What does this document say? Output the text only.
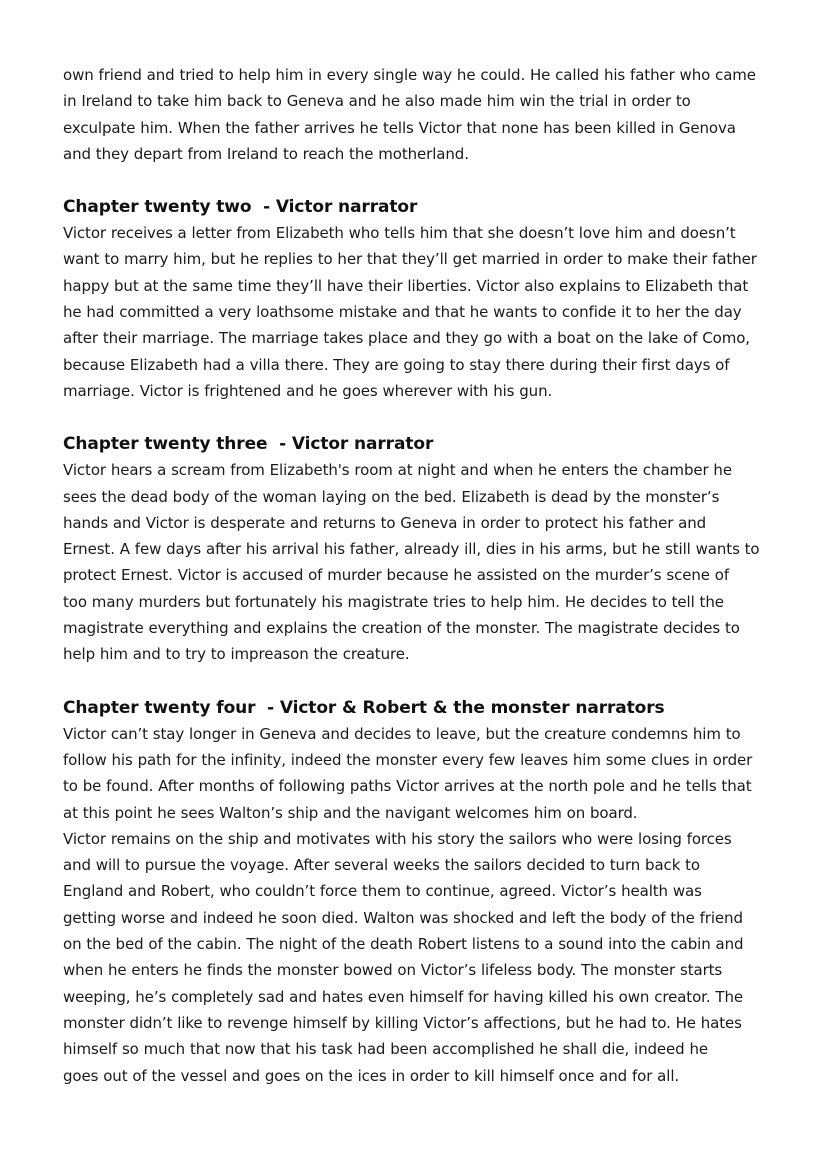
own friend and tried to help him in every single way he could. He called his father who came
in Ireland to take him back to Geneva and he also made him win the trial in order to
exculpate him. When the father arrives he tells Victor that none has been killed in Genova
and they depart from Ireland to reach the motherland.

Chapter twenty two  - Victor narrator

Victor receives a letter from Elizabeth who tells him that she doesn’t love him and doesn’t
want to marry him, but he replies to her that they’ll get married in order to make their father
happy but at the same time they’ll have their liberties. Victor also explains to Elizabeth that
he had committed a very loathsome mistake and that he wants to confide it to her the day
after their marriage. The marriage takes place and they go with a boat on the lake of Como,
because Elizabeth had a villa there. They are going to stay there during their first days of
marriage. Victor is frightened and he goes wherever with his gun.

Chapter twenty three  - Victor narrator

Victor hears a scream from Elizabeth's room at night and when he enters the chamber he
sees the dead body of the woman laying on the bed. Elizabeth is dead by the monster’s
hands and Victor is desperate and returns to Geneva in order to protect his father and
Ernest. A few days after his arrival his father, already ill, dies in his arms, but he still wants to
protect Ernest. Victor is accused of murder because he assisted on the murder’s scene of
too many murders but fortunately his magistrate tries to help him. He decides to tell the
magistrate everything and explains the creation of the monster. The magistrate decides to
help him and to try to impreason the creature.

Chapter twenty four  - Victor & Robert & the monster narrators

Victor can’t stay longer in Geneva and decides to leave, but the creature condemns him to
follow his path for the infinity, indeed the monster every few leaves him some clues in order
to be found. After months of following paths Victor arrives at the north pole and he tells that
at this point he sees Walton’s ship and the navigant welcomes him on board.
Victor remains on the ship and motivates with his story the sailors who were losing forces
and will to pursue the voyage. After several weeks the sailors decided to turn back to
England and Robert, who couldn’t force them to continue, agreed. Victor’s health was
getting worse and indeed he soon died. Walton was shocked and left the body of the friend
on the bed of the cabin. The night of the death Robert listens to a sound into the cabin and
when he enters he finds the monster bowed on Victor’s lifeless body. The monster starts
weeping, he’s completely sad and hates even himself for having killed his own creator. The
monster didn’t like to revenge himself by killing Victor’s affections, but he had to. He hates
himself so much that now that his task had been accomplished he shall die, indeed he
goes out of the vessel and goes on the ices in order to kill himself once and for all.
